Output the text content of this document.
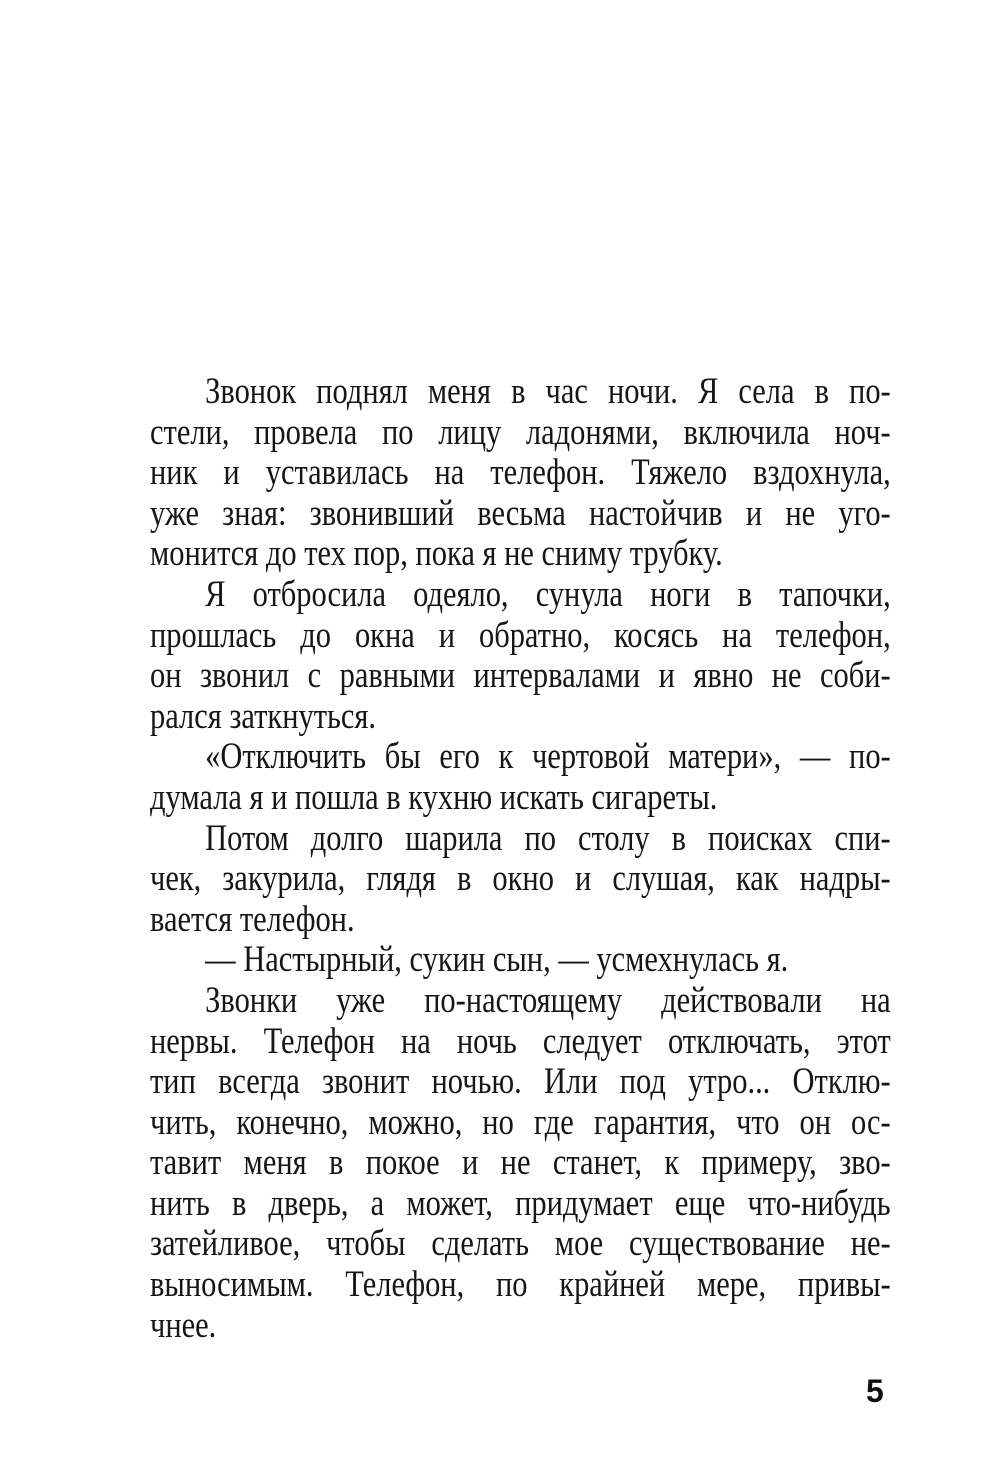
Звонок поднял меня в час ночи. Я села в по-
стели, провела по лицу ладонями, включила ноч-
ник и уставилась на телефон. Тяжело вздохнула,
уже зная: звонивший весьма настойчив и не уго-
монится до тех пор, пока я не сниму трубку.
Я отбросила одеяло, сунула ноги в тапочки,
прошлась до окна и обратно, косясь на телефон,
он звонил с равными интервалами и явно не соби-
рался заткнуться.
«Отключить бы его к чертовой матери», — по-
думала я и пошла в кухню искать сигареты.
Потом долго шарила по столу в поисках спи-
чек, закурила, глядя в окно и слушая, как надры-
вается телефон.
— Настырный, сукин сын, — усмехнулась я.
Звонки уже по-настоящему действовали на
нервы. Телефон на ночь следует отключать, этот
тип всегда звонит ночью. Или под утро... Отклю-
чить, конечно, можно, но где гарантия, что он ос-
тавит меня в покое и не станет, к примеру, зво-
нить в дверь, а может, придумает еще что-нибудь
затейливое, чтобы сделать мое существование не-
выносимым. Телефон, по крайней мере, привы-
чнее.
5
